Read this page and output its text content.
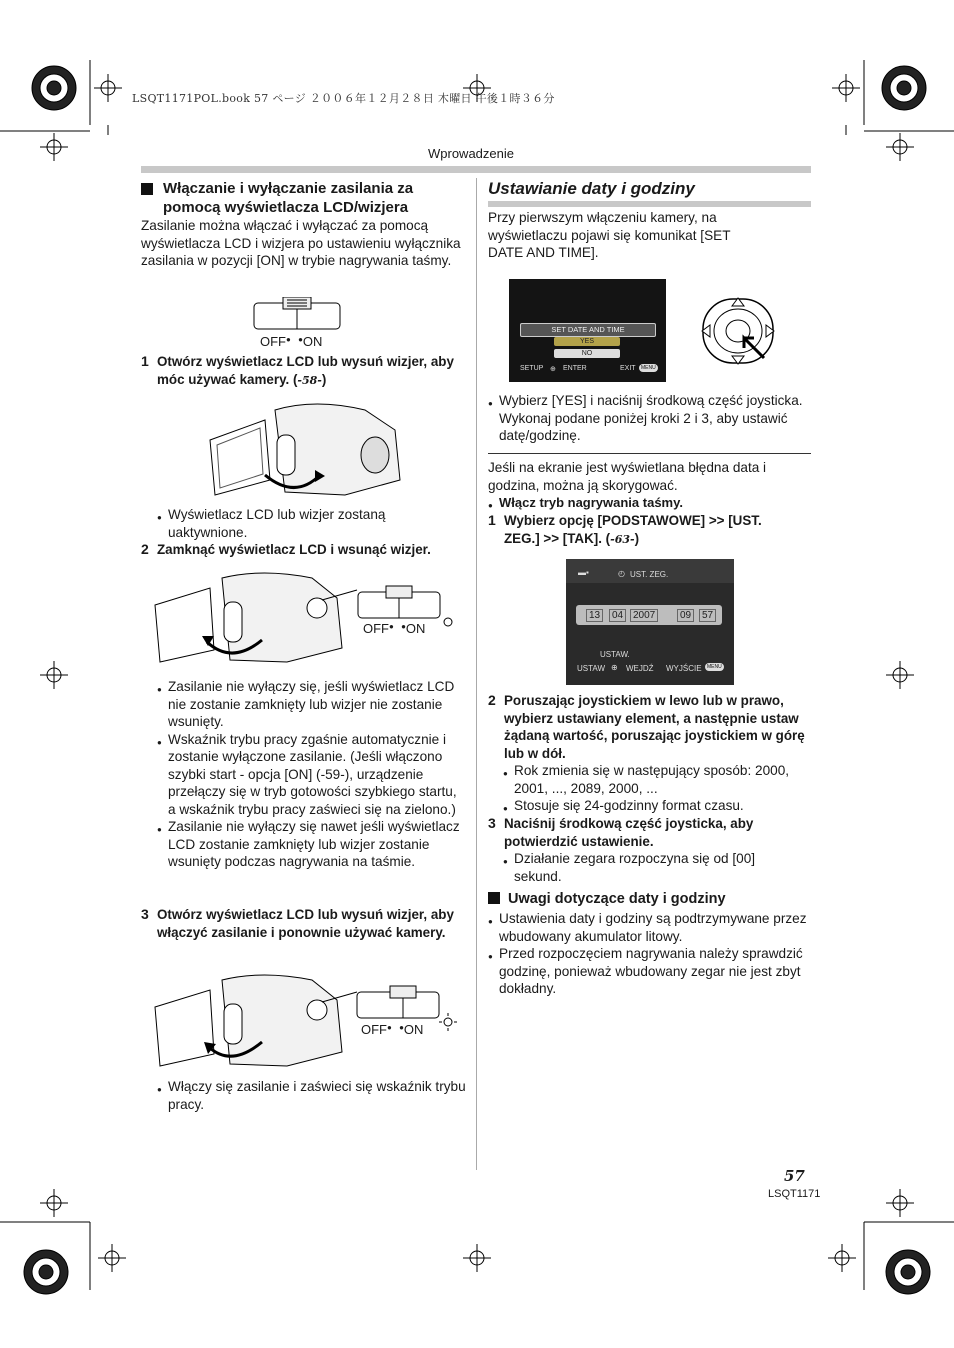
LSQT1171POL.book 57 ページ ２００６年１２月２８日 木曜日 午後１時３６分
Wprowadzenie
Włączanie i wyłączanie zasilania za pomocą wyświetlacza LCD/wizjera
Zasilanie można włączać i wyłączać za pomocą wyświetlacza LCD i wizjera po ustawieniu wyłącznika zasilania w pozycji [ON] w trybie nagrywania taśmy.
OFF● ●ON
1 Otwórz wyświetlacz LCD lub wysuń wizjer, aby móc używać kamery. (-58-)
● Wyświetlacz LCD lub wizjer zostaną uaktywnione.
2 Zamknąć wyświetlacz LCD i wsunąć wizjer.
OFF● ●ON
● Zasilanie nie wyłączy się, jeśli wyświetlacz LCD nie zostanie zamknięty lub wizjer nie zostanie wsunięty.
● Wskaźnik trybu pracy zgaśnie automatycznie i zostanie wyłączone zasilanie. (Jeśli włączono szybki start - opcja [ON] (-59-), urządzenie przełączy się w tryb gotowości szybkiego startu, a wskaźnik trybu pracy zaświeci się na zielono.)
● Zasilanie nie wyłączy się nawet jeśli wyświetlacz LCD zostanie zamknięty lub wizjer zostanie wsunięty podczas nagrywania na taśmie.
3 Otwórz wyświetlacz LCD lub wysuń wizjer, aby włączyć zasilanie i ponownie używać kamery.
OFF● ●ON
● Włączy się zasilanie i zaświeci się wskaźnik trybu pracy.
Ustawianie daty i godziny
Przy pierwszym włączeniu kamery, na wyświetlaczu pojawi się komunikat [SET DATE AND TIME].
SET DATE AND TIME
YES
NO
SETUP ⊕ ENTER	EXIT	MENU
● Wybierz [YES] i naciśnij środkową część joysticka. Wykonaj podane poniżej kroki 2 i 3, aby ustawić datę/godzinę.
Jeśli na ekranie jest wyświetlana błędna data i godzina, można ją skorygować.
● Włącz tryb nagrywania taśmy.
1 Wybierz opcję [PODSTAWOWE] >> [UST. ZEG.] >> [TAK]. (-63-)
▬▪	◴ UST. ZEG.
13	04 2007	09	57
USTAW.
USTAW ⊕ WEJDŹ WYJŚCIE	MENU
2 Poruszając joystickiem w lewo lub w prawo, wybierz ustawiany element, a następnie ustaw żądaną wartość, poruszając joystickiem w górę lub w dół.
● Rok zmienia się w następujący sposób: 2000, 2001, ..., 2089, 2000, ...
● Stosuje się 24-godzinny format czasu.
3 Naciśnij środkową część joysticka, aby potwierdzić ustawienie.
● Działanie zegara rozpoczyna się od [00] sekund.
Uwagi dotyczące daty i godziny
● Ustawienia daty i godziny są podtrzymywane przez wbudowany akumulator litowy.
● Przed rozpoczęciem nagrywania należy sprawdzić godzinę, ponieważ wbudowany zegar nie jest zbyt dokładny.
57
LSQT1171
